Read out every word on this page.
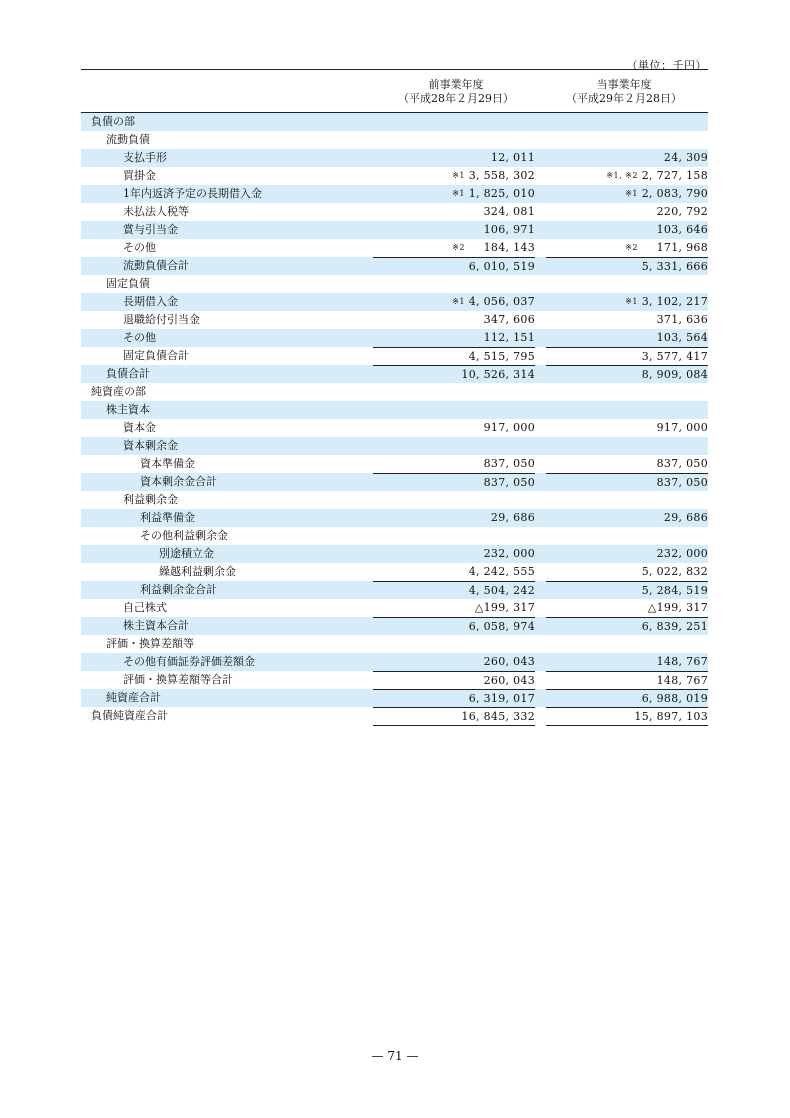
（単位：千円）
前事業年度
（平成28年２月29日）
当事業年度
（平成29年２月28日）
負債の部
流動負債
支払手形	12, 011	24, 309
買掛金	※1 3, 558, 302	※1, ※2 2, 727, 158
1年内返済予定の長期借入金	※1 1, 825, 010	※1 2, 083, 790
未払法人税等	324, 081	220, 792
賞与引当金	106, 971	103, 646
その他	※2 184, 143	※2 171, 968
流動負債合計	6, 010, 519	5, 331, 666
固定負債
長期借入金	※1 4, 056, 037	※1 3, 102, 217
退職給付引当金	347, 606	371, 636
その他	112, 151	103, 564
固定負債合計	4, 515, 795	3, 577, 417
負債合計	10, 526, 314	8, 909, 084
純資産の部
株主資本
資本金	917, 000	917, 000
資本剰余金
資本準備金	837, 050	837, 050
資本剰余金合計	837, 050	837, 050
利益剰余金
利益準備金	29, 686	29, 686
その他利益剰余金
別途積立金	232, 000	232, 000
繰越利益剰余金	4, 242, 555	5, 022, 832
利益剰余金合計	4, 504, 242	5, 284, 519
自己株式	△199, 317	△199, 317
株主資本合計	6, 058, 974	6, 839, 251
評価・換算差額等
その他有価証券評価差額金	260, 043	148, 767
評価・換算差額等合計	260, 043	148, 767
純資産合計	6, 319, 017	6, 988, 019
負債純資産合計	16, 845, 332	15, 897, 103
— 71 —
